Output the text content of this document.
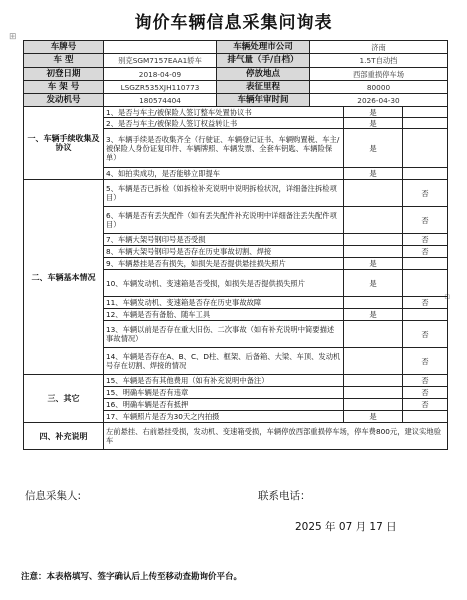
询价车辆信息采集问询表
⊞
▫
车牌号		车辆处理市公司	济南		
车 型	别克SGM7157EAA1轿车	排气量（手/自档）	1.5T自动挡		
初登日期	2018-04-09	停放地点	西部重损停车场		
车 架 号	LSGZR535XJH110773	表征里程	80000		
发动机号	180574404	车辆年审时间	2026-04-30		
一、车辆手续收集及协议	1、是否与车主/被保险人签订整车处置协议书			是	
	2、是否与车主/被保险人签订权益转让书			是	
	3、车辆手续是否收集齐全（行驶证、车辆登记证书、车辆购置税、车主/被保险人身份证复印件、车辆牌照、车辆发票、全套车钥匙、车辆险保单）			是	
	4、如拍卖成功，是否能够立即提车			是	
二、车辆基本情况	5、车辆是否已拆检（如拆检补充说明中说明拆检状况，详细备注拆检项目）				否
	6、车辆是否有丢失配件（如有丢失配件补充说明中详细备注丢失配件项目）				否
	7、车辆大架号钢印号是否受损				否
	8、车辆大架号钢印号是否存在历史事故切割、焊接				否
	9、车辆悬挂是否有损失，如损失是否提供悬挂损失照片			是	
	10、车辆发动机、变速箱是否受损，如损失是否提供损失照片			是	
	11、车辆发动机、变速箱是否存在历史事故故障				否
	12、车辆是否有备胎、随车工具			是	
	13、车辆以前是否存在重大旧伤、二次事故（如有补充说明中简要描述事故情况）				否
	14、车辆是否存在A、B、C、D柱、框架、后备箱、大梁、车顶、发动机号存在切割、焊接的情况				否
三、其它	15、车辆是否有其他费用（如有补充说明中备注）				否
	15、明确车辆是否有违章				否
	16、明确车辆是否有抵押				否
	17、车辆照片是否为30天之内拍摄			是	
四、补充说明	左前悬挂、右前悬挂受损，发动机、变速箱受损，车辆停放西部重损停车场，停车费800元，建议实地验车				
信息采集人:	联系电话：
2025 年 07 月 17 日
注意：本表格填写、签字确认后上传至移动查勘询价平台。
